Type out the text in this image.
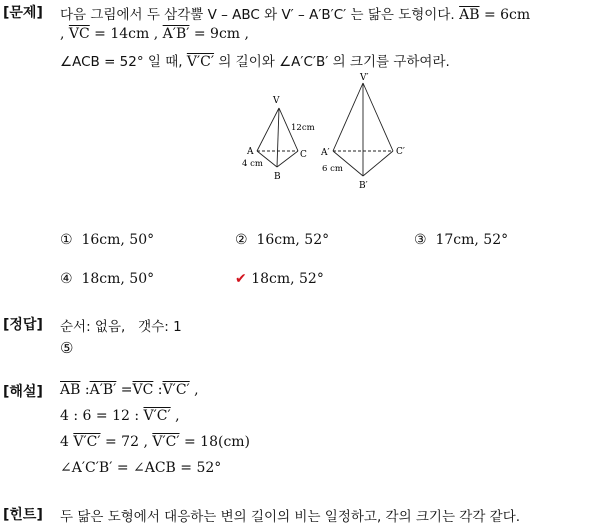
[문제] 다음 그림에서 두 삼각뿔 V – ABC 와 V′ – A′B′C′ 는 닮은 도형이다. $\overline{AB} = 6cm$
, $\overline{VC} = 14cm$ , A′B′ = 9cm ,
∠ACB = 52° 일 때, V′C′ 의 길이와 ∠A′C′B′ 의 크기를 구하여라.
V
A
B
C
12cm
4 cm
V′
A′
B′
C′
6 cm
① 16cm, 50°	② 16cm, 52°	③ 17cm, 52°
④ 18cm, 50°	✔ 18cm, 52°
[정답] 순서: 없음,   갯수: 1
⑤
[해설] $\overline{AB}$ :A′B′ $=\overline{VC}$ :V′C′ ,
4 : 6 = 12 : V′C′ ,
4 V′C′ = 72 , V′C′ = 18(cm)
∠A′C′B′ = ∠ACB = 52°
[힌트] 두 닮은 도형에서 대응하는 변의 길이의 비는 일정하고, 각의 크기는 각각 같다.
